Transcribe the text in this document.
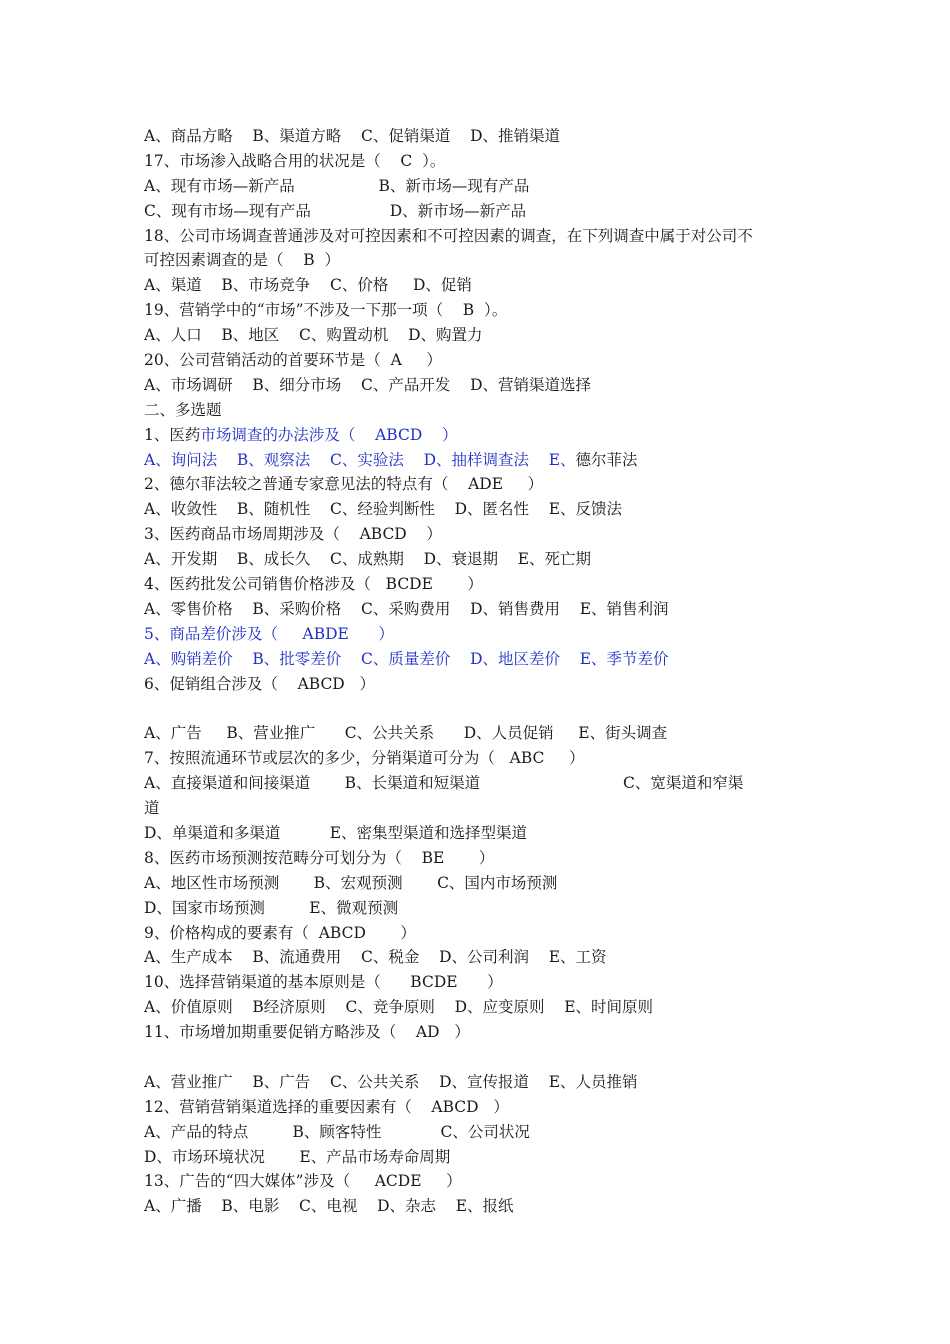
A、商品方略    B、渠道方略    C、促销渠道    D、推销渠道
17、市场渗入战略合用的状况是（    C  ）。
A、现有市场—新产品                 B、新市场—现有产品
C、现有市场—现有产品                D、新市场—新产品
18、公司市场调查普通涉及对可控因素和不可控因素的调查，在下列调查中属于对公司不
可控因素调查的是（    B  ）
A、渠道    B、市场竞争    C、价格     D、促销
19、营销学中的“市场”不涉及一下那一项（    B  ）。
A、人口    B、地区    C、购置动机    D、购置力
20、公司营销活动的首要环节是（  A     ）
A、市场调研    B、细分市场    C、产品开发    D、营销渠道选择
二、多选题
1、医药市场调查的办法涉及（    ABCD    ）
A、询问法    B、观察法    C、实验法    D、抽样调查法    E、德尔菲法
2、德尔菲法较之普通专家意见法的特点有（    ADE     ）
A、收敛性    B、随机性    C、经验判断性    D、匿名性    E、反馈法
3、医药商品市场周期涉及（    ABCD    ）
A、开发期    B、成长久    C、成熟期    D、衰退期    E、死亡期
4、医药批发公司销售价格涉及（   BCDE       ）
A、零售价格    B、采购价格    C、采购费用    D、销售费用    E、销售利润
5、商品差价涉及（     ABDE      ）
A、购销差价    B、批零差价    C、质量差价    D、地区差价    E、季节差价
6、促销组合涉及（    ABCD   ）
A、广告     B、营业推广      C、公共关系      D、人员促销     E、街头调查
7、按照流通环节或层次的多少，分销渠道可分为（   ABC     ）
A、直接渠道和间接渠道       B、长渠道和短渠道                             C、宽渠道和窄渠
道
D、单渠道和多渠道          E、密集型渠道和选择型渠道
8、医药市场预测按范畴分可划分为（    BE       ）
A、地区性市场预测       B、宏观预测       C、国内市场预测
D、国家市场预测         E、微观预测
9、价格构成的要素有（  ABCD       ）
A、生产成本    B、流通费用    C、税金    D、公司利润    E、工资
10、选择营销渠道的基本原则是（      BCDE      ）
A、价值原则    B经济原则    C、竞争原则    D、应变原则    E、时间原则
11、市场增加期重要促销方略涉及（    AD   ）
A、营业推广    B、广告    C、公共关系    D、宣传报道    E、人员推销
12、营销营销渠道选择的重要因素有（    ABCD   ）
A、产品的特点         B、顾客特性            C、公司状况
D、市场环境状况       E、产品市场寿命周期
13、广告的“四大媒体”涉及（     ACDE     ）
A、广播    B、电影    C、电视    D、杂志    E、报纸
